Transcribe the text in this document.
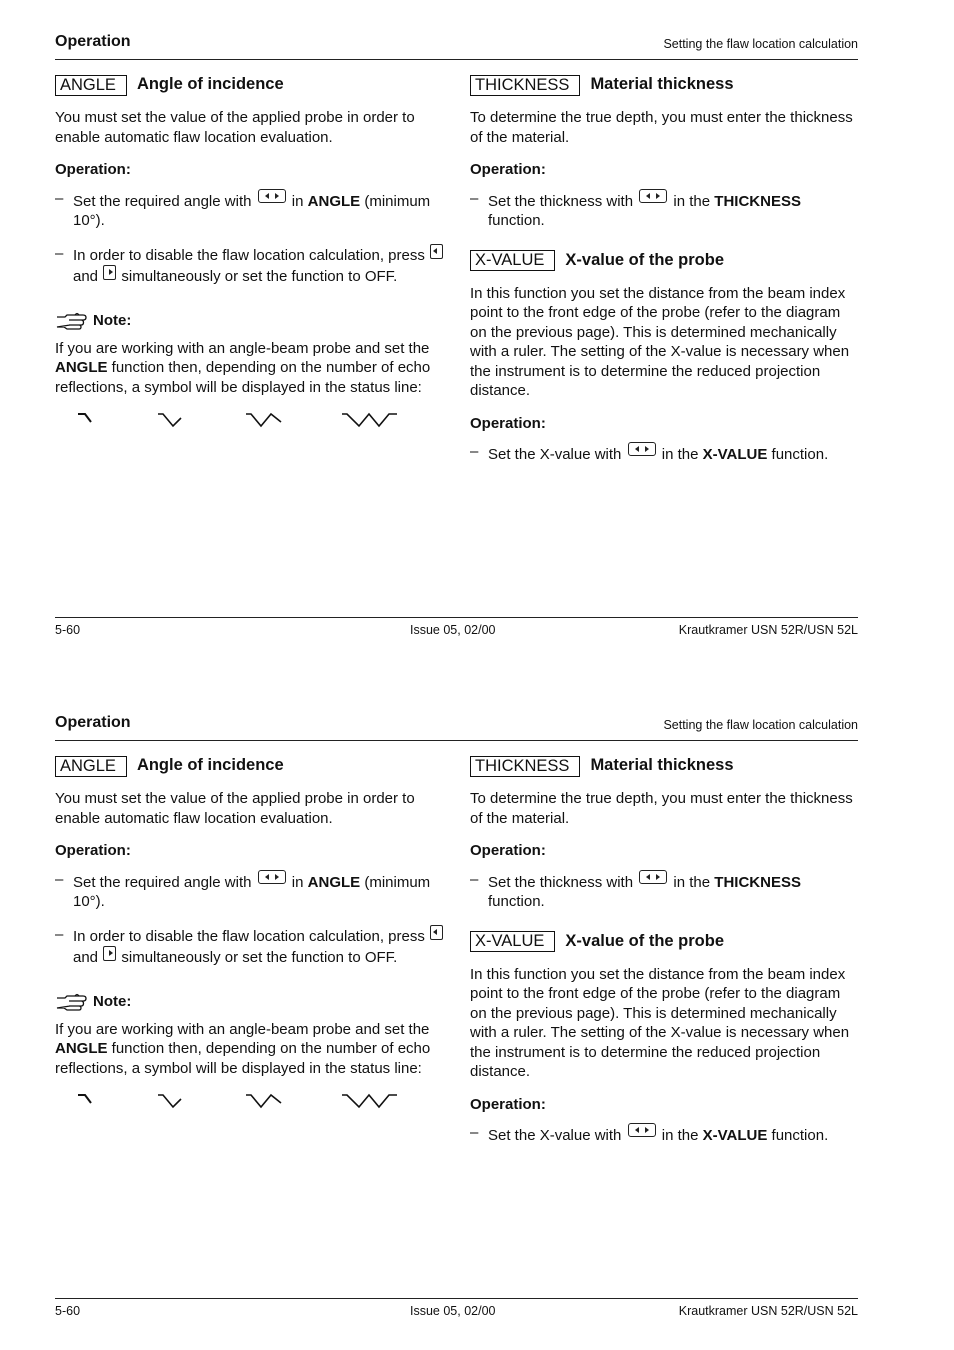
Operation	Setting the flaw location calculation
ANGLE	Angle of incidence

You must set the value of the applied probe in order to enable automatic flaw location evaluation.

Operation:
– Set the required angle with	in ANGLE (minimum 10°).
– In order to disable the flaw location calculation, press  and simultaneously or set the function to OFF.
Note:

If you are working with an angle-beam probe and set the ANGLE function then, depending on the number of echo reflections, a symbol will be displayed in the status line:

THICKNESS	Material thickness

To determine the true depth, you must enter the thickness of the material.

Operation:
– Set the thickness with	in the THICKNESS function.
X-VALUE	X-value of the probe

In this function you set the distance from the beam index point to the front edge of the probe (refer to the diagram on the previous page). This is determined mechanically with a ruler. The setting of the X-value is necessary when the instrument is to determine the reduced projection distance.

Operation:
– Set the X-value with	in the X-VALUE function.
5-60	Issue 05, 02/00	Krautkramer USN 52R/USN 52L
Operation	Setting the flaw location calculation
ANGLE	Angle of incidence

You must set the value of the applied probe in order to enable automatic flaw location evaluation.

Operation:
– Set the required angle with	in ANGLE (minimum 10°).
– In order to disable the flaw location calculation, press  and simultaneously or set the function to OFF.
Note:

If you are working with an angle-beam probe and set the ANGLE function then, depending on the number of echo reflections, a symbol will be displayed in the status line:

THICKNESS	Material thickness

To determine the true depth, you must enter the thickness of the material.

Operation:
– Set the thickness with	in the THICKNESS function.
X-VALUE	X-value of the probe

In this function you set the distance from the beam index point to the front edge of the probe (refer to the diagram on the previous page). This is determined mechanically with a ruler. The setting of the X-value is necessary when the instrument is to determine the reduced projection distance.

Operation:
– Set the X-value with	in the X-VALUE function.
5-60	Issue 05, 02/00	Krautkramer USN 52R/USN 52L
